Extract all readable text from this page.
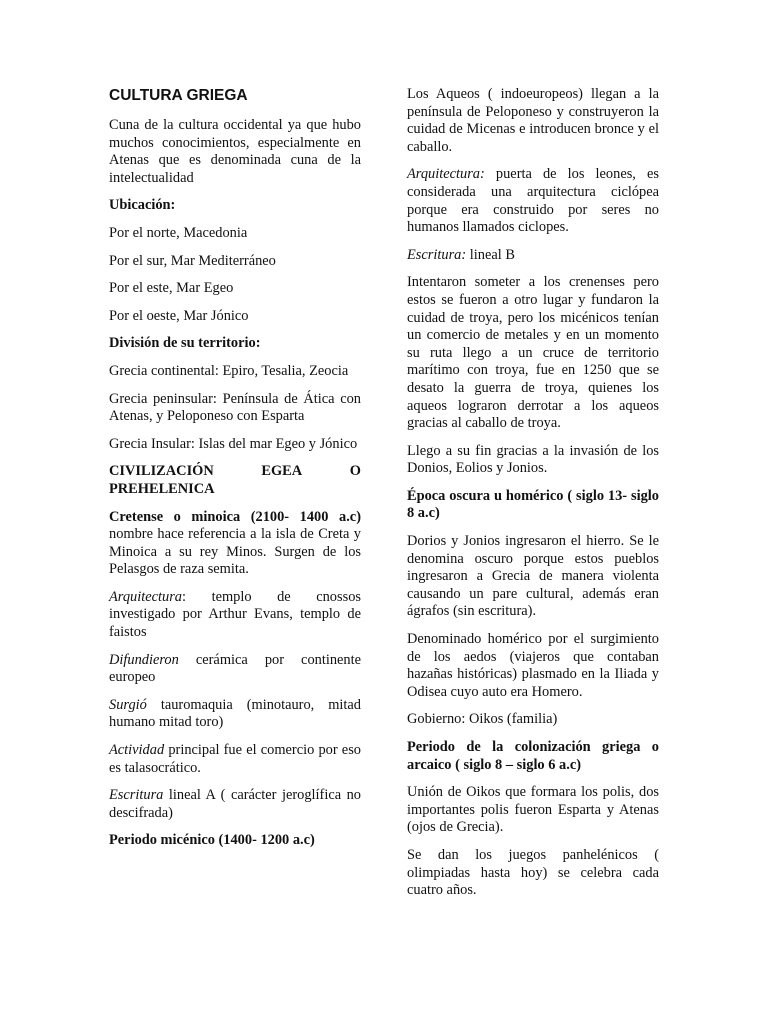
CULTURA GRIEGA

Cuna de la cultura occidental ya que hubo muchos conocimientos, especialmente en Atenas que es denominada cuna de la intelectualidad

Ubicación:

Por el norte, Macedonia

Por el sur, Mar Mediterráneo

Por el este, Mar Egeo

Por el oeste, Mar Jónico

División de su territorio:

Grecia continental: Epiro, Tesalia, Zeocia

Grecia peninsular: Península de Ática con Atenas, y Peloponeso con Esparta

Grecia Insular: Islas del mar Egeo y Jónico

CIVILIZACIÓN	EGEA	O
PREHELENICA

Cretense o minoica (2100- 1400 a.c) nombre hace referencia a la isla de Creta y Minoica a su rey Minos. Surgen de los Pelasgos de raza semita.

Arquitectura: templo de cnossos investigado por Arthur Evans, templo de faistos

Difundieron cerámica por continente europeo

Surgió tauromaquia (minotauro, mitad humano mitad toro)

Actividad principal fue el comercio por eso es talasocrático.

Escritura lineal A ( carácter jeroglífica no descifrada)

Periodo micénico (1400- 1200 a.c)

Los Aqueos ( indoeuropeos) llegan a la península de Peloponeso y construyeron la cuidad de Micenas e introducen bronce y el caballo.

Arquitectura: puerta de los leones, es considerada una arquitectura ciclópea porque era construido por seres no humanos llamados ciclopes.

Escritura: lineal B

Intentaron someter a los crenenses pero estos se fueron a otro lugar y fundaron la cuidad de troya, pero los micénicos tenían un comercio de metales y en un momento su ruta llego a un cruce de territorio marítimo con troya, fue en 1250 que se desato la guerra de troya, quienes los aqueos lograron derrotar a los aqueos gracias al caballo de troya.

Llego a su fin gracias a la invasión de los Donios, Eolios y Jonios.

Época oscura u homérico ( siglo 13- siglo 8 a.c)

Dorios y Jonios ingresaron el hierro. Se le denomina oscuro porque estos pueblos ingresaron a Grecia de manera violenta causando un pare cultural, además eran ágrafos (sin escritura).

Denominado homérico por el surgimiento de los aedos (viajeros que contaban hazañas históricas) plasmado en la Iliada y Odisea cuyo auto era Homero.

Gobierno: Oikos (familia)

Periodo de la colonización griega o arcaico ( siglo 8 – siglo 6 a.c)

Unión de Oikos que formara los polis, dos importantes polis fueron Esparta y Atenas (ojos de Grecia).

Se dan los juegos panhelénicos ( olimpiadas hasta hoy) se celebra cada cuatro años.
